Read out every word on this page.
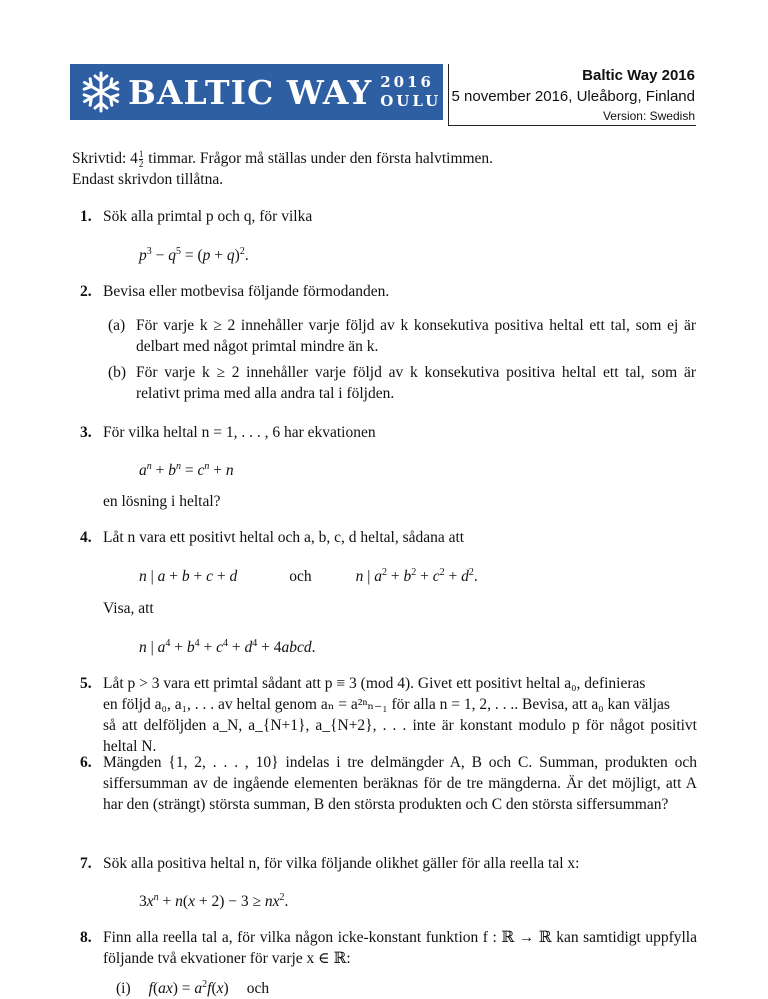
BALTIC WAY 2016
OULU
Baltic Way 2016
5 november 2016, Uleåborg, Finland
Version: Swedish
Skrivtid: $4 \frac{1}{2}$ timmar. Frågor må ställas under den första halvtimmen.
Endast skrivdon tillåtna.
1. Sök alla primtal p och q, för vilka
$p^3 - q^5 = (p + q)^2$.
2. Bevisa eller motbevisa följande förmodanden.
(a) För varje k ≥ 2 innehåller varje följd av k konsekutiva positiva heltal ett tal, som ej är delbart med något primtal mindre än k.
(b) För varje k ≥ 2 innehåller varje följd av k konsekutiva positiva heltal ett tal, som är relativt prima med alla andra tal i följden.
3. För vilka heltal n = 1, . . . , 6 har ekvationen
$a^n + b^n = c^n + n$
en lösning i heltal?
4. Låt n vara ett positivt heltal och a, b, c, d heltal, sådana att
n | a + b + c + d	och	n | $a^2 + b^2 + c^2 + d^2$.
Visa, att
n | $a^4 + b^4 + c^4 + d^4$ + 4abcd.
5. Låt p > 3 vara ett primtal sådant att p ≡ 3 (mod 4). Givet ett positivt heltal a₀, definieras
en följd a₀, a₁, . . . av heltal genom aₙ = a²ⁿₙ₋₁ för alla n = 1, 2, . . .. Bevisa, att a₀ kan väljas
så att delföljden a_N, a_{N+1}, a_{N+2}, . . . inte är konstant modulo p för något positivt heltal N.
6. Mängden {1, 2, . . . , 10} indelas i tre delmängder A, B och C. Summan, produkten och siffersumman av de ingående elementen beräknas för de tre mängderna. Är det möjligt, att A har den (strängt) största summan, B den största produkten och C den största siffersumman?
7. Sök alla positiva heltal n, för vilka följande olikhet gäller för alla reella tal x:
$3x^n + n(x + 2) - 3 \ge nx^2$.
8. Finn alla reella tal a, för vilka någon icke-konstant funktion f : ℝ → ℝ kan samtidigt uppfylla följande två ekvationer för varje x ∈ ℝ:
(i) $f(ax) = a^2f(x)$ och
